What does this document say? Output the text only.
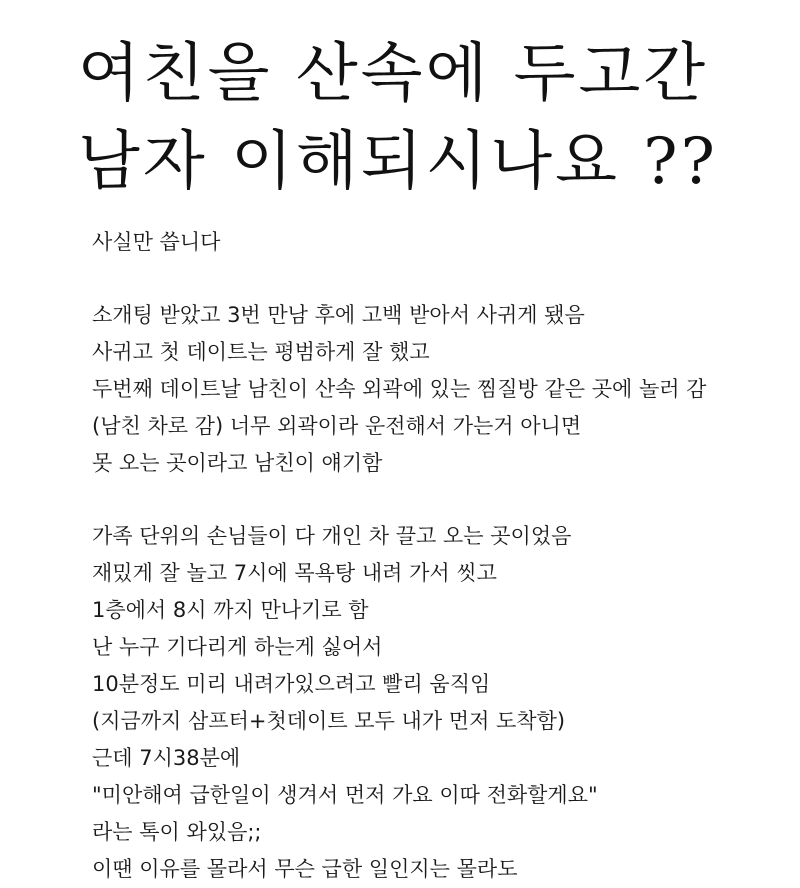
여친을 산속에 두고간
남자 이해되시나요 ??
사실만 씁니다
소개팅 받았고 3번 만남 후에 고백 받아서 사귀게 됐음
사귀고 첫 데이트는 평범하게 잘 했고
두번째 데이트날 남친이 산속 외곽에 있는 찜질방 같은 곳에 놀러 감
(남친 차로 감) 너무 외곽이라 운전해서 가는거 아니면
못 오는 곳이라고 남친이 얘기함
가족 단위의 손님들이 다 개인 차 끌고 오는 곳이었음
재밌게 잘 놀고 7시에 목욕탕 내려 가서 씻고
1층에서 8시 까지 만나기로 함
난 누구 기다리게 하는게 싫어서
10분정도 미리 내려가있으려고 빨리 움직임
(지금까지 삼프터+첫데이트 모두 내가 먼저 도착함)
근데 7시38분에
"미안해여 급한일이 생겨서 먼저 가요 이따 전화할게요"
라는 톡이 와있음;;
이땐 이유를 몰라서 무슨 급한 일인지는 몰라도
